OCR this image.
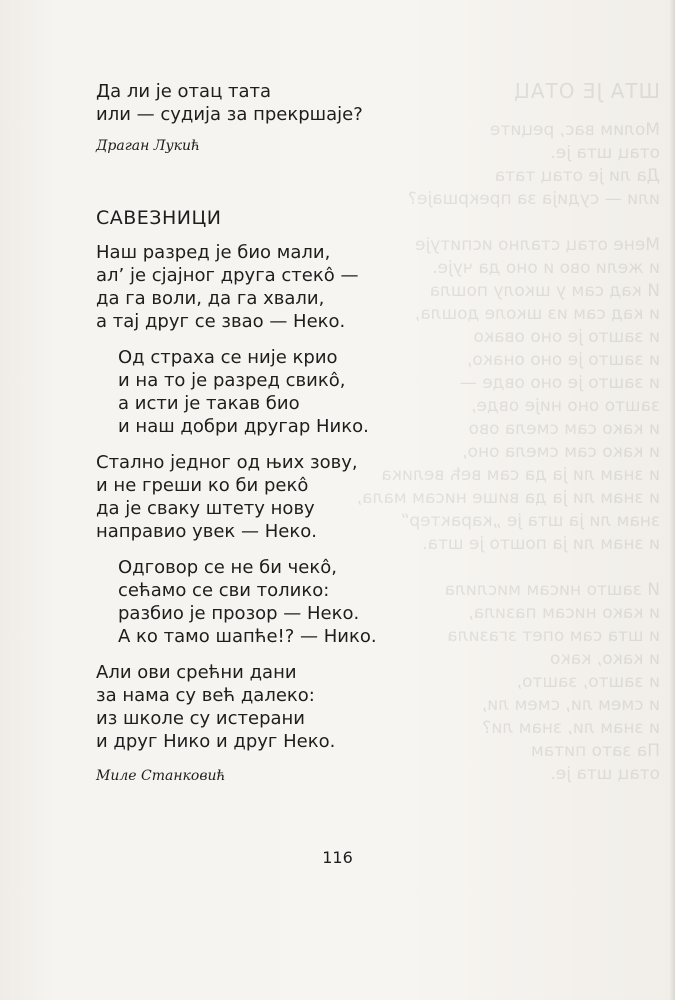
ШТА ЈЕ ОТАЦ
Молим вас, реците
отац шта је.
Да ли је отац тата
или — судија за прекршаје?

Мене отац стално испитује
и жели ово и оно да чује.
И кад сам у школу пошла
и кад сам из школе дошла,
и зашто је оно овако
и зашто је оно онако,
и зашто је оно овде —
зашто оно није овде,
и како сам смела ово
и како сам смела оно,
и знам ли ја да сам већ велика
и знам ли ја да више нисам мала,
знам ли ја шта је „карактер“
и знам ли ја пошто је шта.

И зашто нисам мислила
и како нисам пазила,
и шта сам опет згазила
и како, како
и зашто, зашто,
и смем ли, смем ли,
и знам ли, знам ли?
Па зато питам
отац шта је.
Да ли је отац тата
или — судија за прекршаје?
Драган Лукић
САВЕЗНИЦИ
Наш разред је био мали,
ал’ је сјајног друга стекô —
да га воли, да га хвали,
а тај друг се звао — Неко.
Од страха се није крио
и на то је разред свикô,
а исти је такав био
и наш добри другар Нико.
Стално једног од њих зову,
и не греши ко би рекô
да је сваку штету нову
направио увек — Неко.
Одговор се не би чекô,
сећамо се сви толико:
разбио је прозор — Неко.
А ко тамо шапће!? — Нико.
Али ови срећни дани
за нама су већ далеко:
из школе су истерани
и друг Нико и друг Неко.
Миле Станковић
116
